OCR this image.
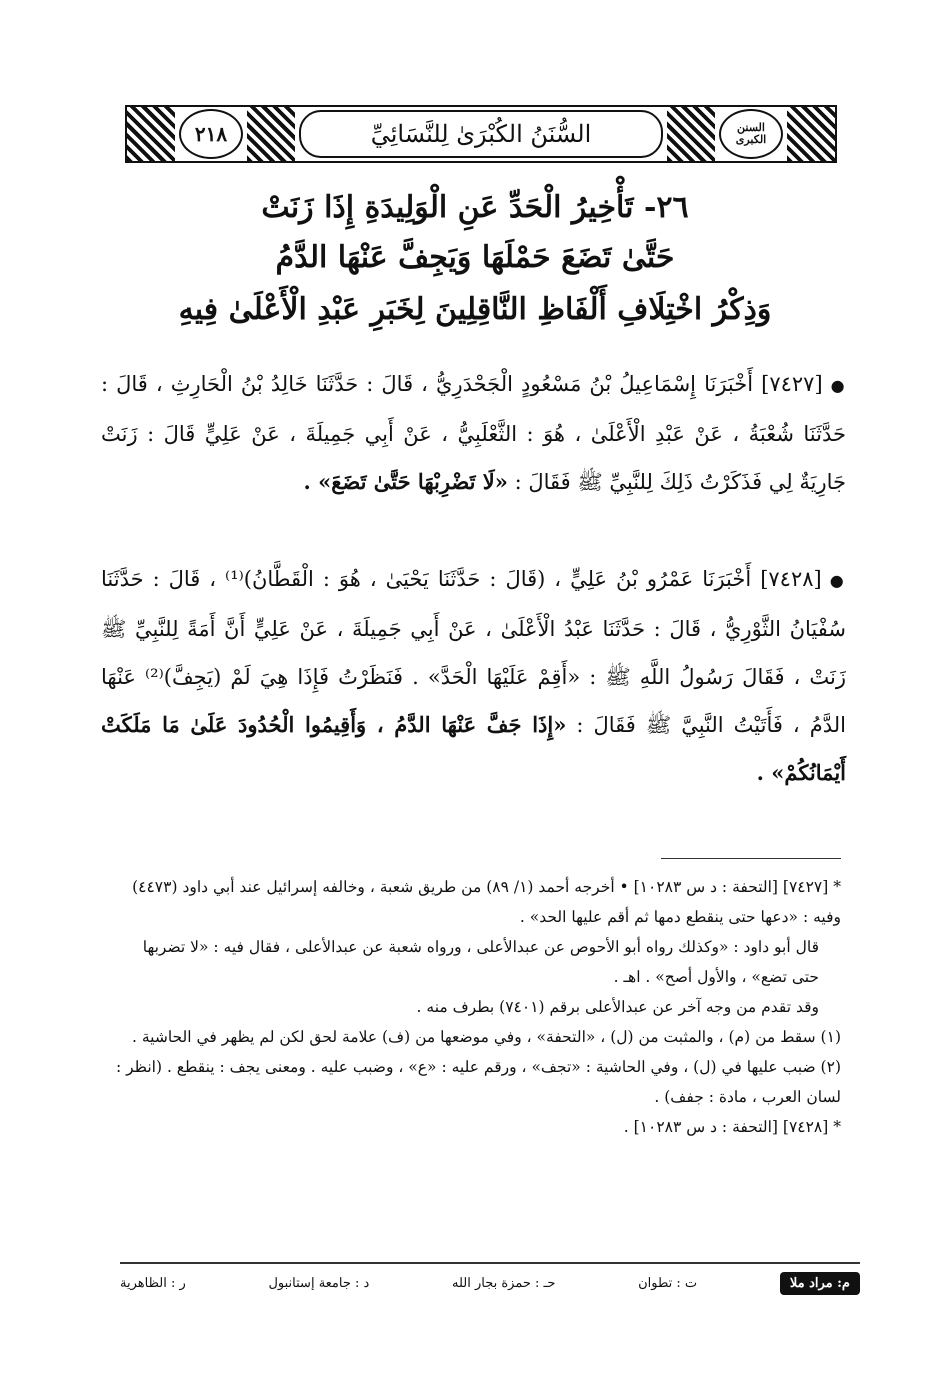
٢١٨	السُّنَنُ الكُبْرَىٰ لِلنَّسَائِيِّ	السنن الكبرى
٢٦- تَأْخِيرُ الْحَدِّ عَنِ الْوَلِيدَةِ إِذَا زَنَتْ
حَتَّىٰ تَضَعَ حَمْلَهَا وَيَجِفَّ عَنْهَا الدَّمُ
وَذِكْرُ اخْتِلَافِ أَلْفَاظِ النَّاقِلِينَ لِخَبَرِ عَبْدِ الْأَعْلَىٰ فِيهِ
●[٧٤٢٧] أَخْبَرَنَا إِسْمَاعِيلُ بْنُ مَسْعُودٍ الْجَحْدَرِيُّ ، قَالَ : حَدَّثَنَا خَالِدُ بْنُ الْحَارِثِ ، قَالَ : حَدَّثَنَا شُعْبَةُ ، عَنْ عَبْدِ الْأَعْلَىٰ ، هُوَ : الثَّعْلَبِيُّ ، عَنْ أَبِي جَمِيلَةَ ، عَنْ عَلِيٍّ قَالَ : زَنَتْ جَارِيَةٌ لِي فَذَكَرْتُ ذَلِكَ لِلنَّبِيِّ ﷺ فَقَالَ : «لَا تَضْرِبْهَا حَتَّىٰ تَضَعَ» .
●[٧٤٢٨] أَخْبَرَنَا عَمْرُو بْنُ عَلِيٍّ ، (قَالَ : حَدَّثَنَا يَحْيَىٰ ، هُوَ : الْقَطَّانُ)⁽¹⁾ ، قَالَ : حَدَّثَنَا سُفْيَانُ الثَّوْرِيُّ ، قَالَ : حَدَّثَنَا عَبْدُ الْأَعْلَىٰ ، عَنْ أَبِي جَمِيلَةَ ، عَنْ عَلِيٍّ أَنَّ أَمَةً لِلنَّبِيِّ ﷺ زَنَتْ ، فَقَالَ رَسُولُ اللَّهِ ﷺ : «أَقِمْ عَلَيْهَا الْحَدَّ» . فَنَظَرْتُ فَإِذَا هِيَ لَمْ (يَجِفَّ)⁽²⁾ عَنْهَا الدَّمُ ، فَأَتَيْتُ النَّبِيَّ ﷺ فَقَالَ : «إِذَا جَفَّ عَنْهَا الدَّمُ ، وَأَقِيمُوا الْحُدُودَ عَلَىٰ مَا مَلَكَتْ أَيْمَانُكُمْ» .

* [٧٤٢٧] [التحفة : د س ١٠٢٨٣] • أخرجه أحمد (١/ ٨٩) من طريق شعبة ، وخالفه إسرائيل عند أبي داود (٤٤٧٣) وفيه : «دعها حتى ينقطع دمها ثم أقم عليها الحد» .

قال أبو داود : «وكذلك رواه أبو الأحوص عن عبدالأعلى ، ورواه شعبة عن عبدالأعلى ، فقال فيه : «لا تضربها حتى تضع» ، والأول أصح» . اهـ .

وقد تقدم من وجه آخر عن عبدالأعلى برقم (٧٤٠١) بطرف منه .

(١) سقط من (م) ، والمثبت من (ل) ، «التحفة» ، وفي موضعها من (ف) علامة لحق لكن لم يظهر في الحاشية .

(٢) ضبب عليها في (ل) ، وفي الحاشية : «تجف» ، ورقم عليه : «ع» ، وضبب عليه . ومعنى يجف : ينقطع . (انظر : لسان العرب ، مادة : جفف) .

* [٧٤٢٨] [التحفة : د س ١٠٢٨٣] .

م: مراد ملا
ت : تطوان
حـ : حمزة بجار الله
د : جامعة إستانبول
ر : الظاهرية
